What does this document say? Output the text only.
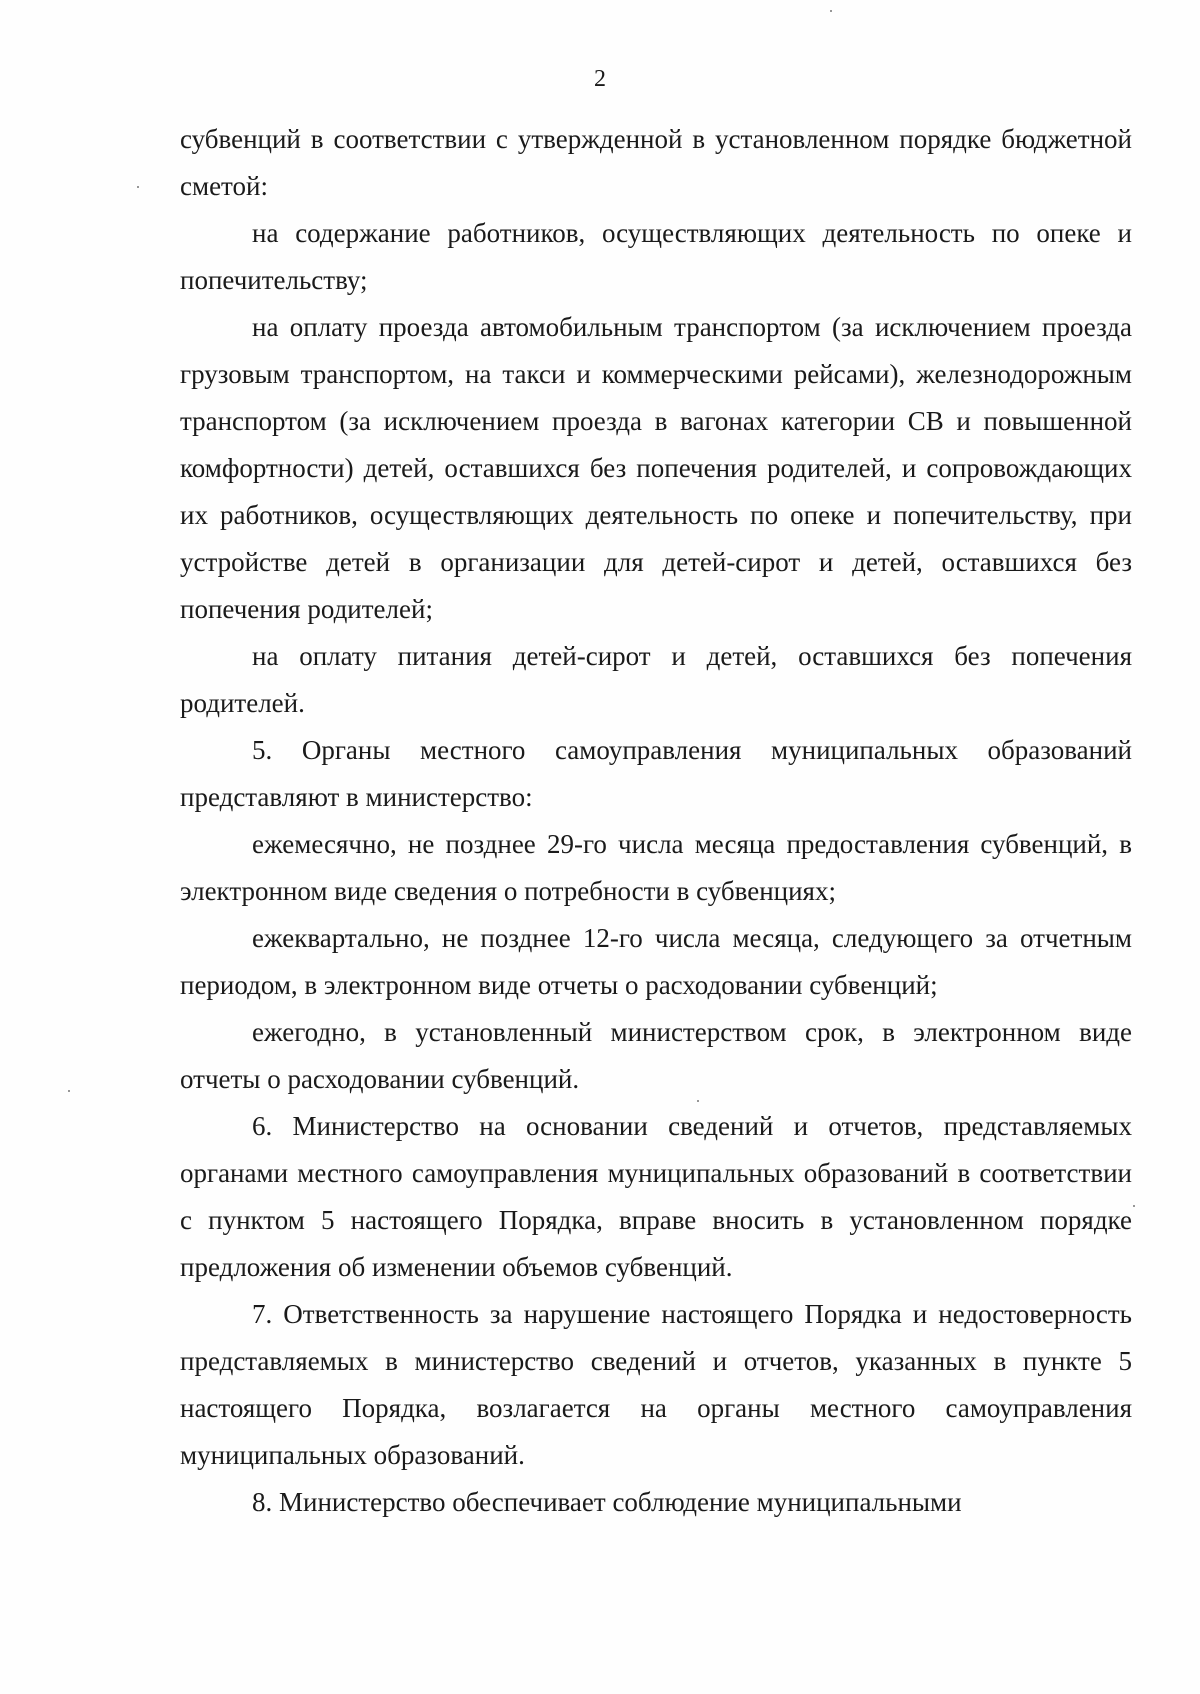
2

субвенций в соответствии с утвержденной в установленном порядке бюджетной сметой:

на содержание работников, осуществляющих деятельность по опеке и попечительству;

на оплату проезда автомобильным транспортом (за исключением проезда грузовым транспортом, на такси и коммерческими рейсами), железнодорожным транспортом (за исключением проезда в вагонах категории СВ и повышенной комфортности) детей, оставшихся без попечения родителей, и сопровождающих их работников, осуществляющих деятельность по опеке и попечительству, при устройстве детей в организации для детей-сирот и детей, оставшихся без попечения родителей;

на оплату питания детей-сирот и детей, оставшихся без попечения родителей.

5. Органы местного самоуправления муниципальных образований представляют в министерство:

ежемесячно, не позднее 29-го числа месяца предоставления субвенций, в электронном виде сведения о потребности в субвенциях;

ежеквартально, не позднее 12-го числа месяца, следующего за отчетным периодом, в электронном виде отчеты о расходовании субвенций;

ежегодно, в установленный министерством срок, в электронном виде отчеты о расходовании субвенций.

6. Министерство на основании сведений и отчетов, представляемых органами местного самоуправления муниципальных образований в соответствии с пунктом 5 настоящего Порядка, вправе вносить в установленном порядке предложения об изменении объемов субвенций.

7. Ответственность за нарушение настоящего Порядка и недостоверность представляемых в министерство сведений и отчетов, указанных в пункте 5 настоящего Порядка, возлагается на органы местного самоуправления муниципальных образований.

8. Министерство обеспечивает соблюдение муниципальными
